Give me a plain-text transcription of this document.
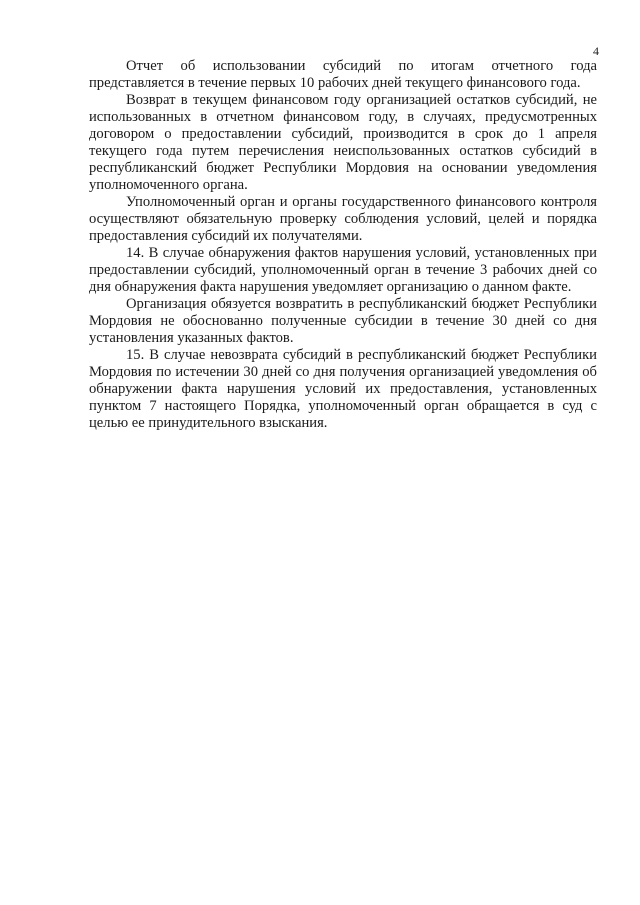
4

Отчет об использовании субсидий по итогам отчетного года представляется в течение первых 10 рабочих дней текущего финансового года.

Возврат в текущем финансовом году организацией остатков субсидий, не использованных в отчетном финансовом году, в случаях, предусмотренных договором о предоставлении субсидий, производится в срок до 1 апреля текущего года путем перечисления неиспользованных остатков субсидий в республиканский бюджет Республики Мордовия на основании уведомления уполномоченного органа.

Уполномоченный орган и органы государственного финансового контроля осуществляют обязательную проверку соблюдения условий, целей и порядка предоставления субсидий их получателями.

14. В случае обнаружения фактов нарушения условий, установленных при предоставлении субсидий, уполномоченный орган в течение 3 рабочих дней со дня обнаружения факта нарушения уведомляет организацию о данном факте.

Организация обязуется возвратить в республиканский бюджет Республики Мордовия не обоснованно полученные субсидии в течение 30 дней со дня установления указанных фактов.

15. В случае невозврата субсидий в республиканский бюджет Республики Мордовия по истечении 30 дней со дня получения организацией уведомления об обнаружении факта нарушения условий их предоставления, установленных пунктом 7 настоящего Порядка, уполномоченный орган обращается в суд с целью ее принудительного взыскания.
